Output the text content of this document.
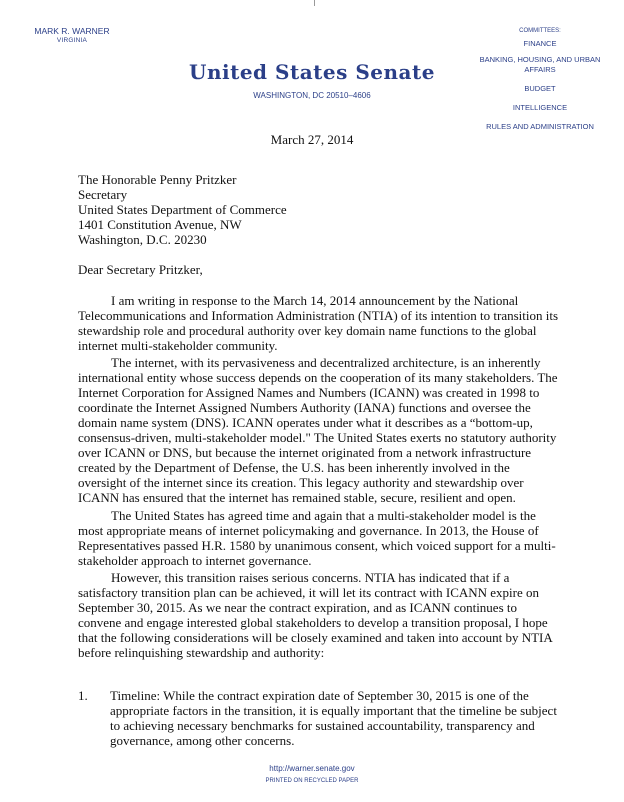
MARK R. WARNER
VIRGINIA
COMMITTEES:
FINANCE
BANKING, HOUSING, AND URBAN AFFAIRS
BUDGET
INTELLIGENCE
RULES AND ADMINISTRATION
United States Senate
WASHINGTON, DC 20510–4606
March 27, 2014
The Honorable Penny Pritzker
Secretary
United States Department of Commerce
1401 Constitution Avenue, NW
Washington, D.C. 20230
Dear Secretary Pritzker,

I am writing in response to the March 14, 2014 announcement by the National Telecommunications and Information Administration (NTIA) of its intention to transition its stewardship role and procedural authority over key domain name functions to the global internet multi-stakeholder community.

The internet, with its pervasiveness and decentralized architecture, is an inherently international entity whose success depends on the cooperation of its many stakeholders. The Internet Corporation for Assigned Names and Numbers (ICANN) was created in 1998 to coordinate the Internet Assigned Numbers Authority (IANA) functions and oversee the domain name system (DNS). ICANN operates under what it describes as a “bottom-up, consensus-driven, multi-stakeholder model." The United States exerts no statutory authority over ICANN or DNS, but because the internet originated from a network infrastructure created by the Department of Defense, the U.S. has been inherently involved in the oversight of the internet since its creation. This legacy authority and stewardship over ICANN has ensured that the internet has remained stable, secure, resilient and open.

The United States has agreed time and again that a multi-stakeholder model is the most appropriate means of internet policymaking and governance. In 2013, the House of Representatives passed H.R. 1580 by unanimous consent, which voiced support for a multi-stakeholder approach to internet governance.

However, this transition raises serious concerns. NTIA has indicated that if a satisfactory transition plan can be achieved, it will let its contract with ICANN expire on September 30, 2015. As we near the contract expiration, and as ICANN continues to convene and engage interested global stakeholders to develop a transition proposal, I hope that the following considerations will be closely examined and taken into account by NTIA before relinquishing stewardship and authority:

1.	Timeline: While the contract expiration date of September 30, 2015 is one of the appropriate factors in the transition, it is equally important that the timeline be subject to achieving necessary benchmarks for sustained accountability, transparency and governance, among other concerns.
http://warner.senate.gov
PRINTED ON RECYCLED PAPER
